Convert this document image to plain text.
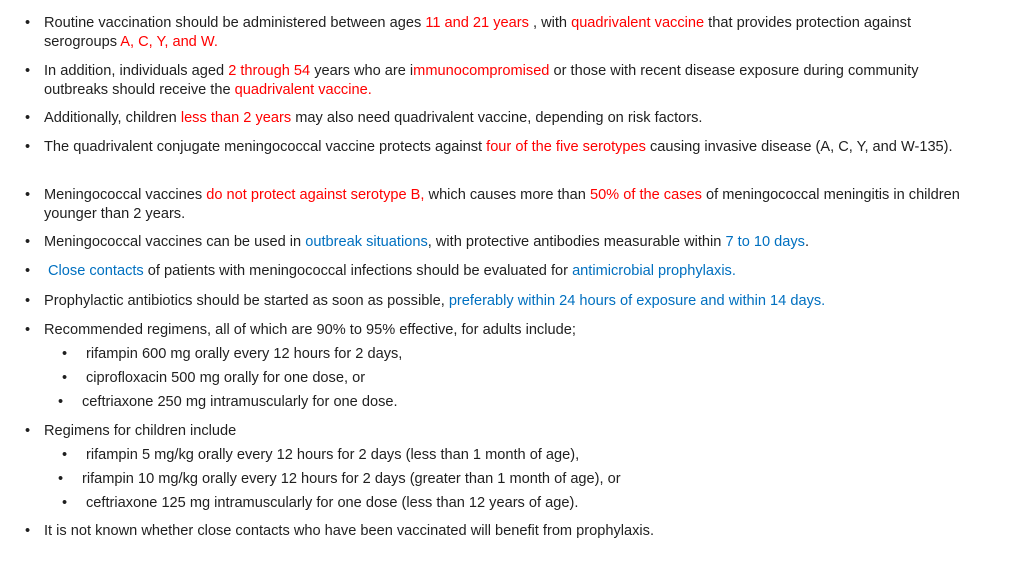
• Routine vaccination should be administered between ages 11 and 21 years , with quadrivalent vaccine that provides protection against serogroups A, C, Y, and W.
• In addition, individuals aged 2 through 54 years who are immunocompromised or those with recent disease exposure during community outbreaks should receive the quadrivalent vaccine.
• Additionally, children less than 2 years may also need quadrivalent vaccine, depending on risk factors.
• The quadrivalent conjugate meningococcal vaccine protects against four of the five serotypes causing invasive disease (A, C, Y, and W-135).
• Meningococcal vaccines do not protect against serotype B, which causes more than 50% of the cases of meningococcal meningitis in children younger than 2 years.
• Meningococcal vaccines can be used in outbreak situations, with protective antibodies measurable within 7 to 10 days.
• Close contacts of patients with meningococcal infections should be evaluated for antimicrobial prophylaxis.
• Prophylactic antibiotics should be started as soon as possible, preferably within 24 hours of exposure and within 14 days.
• Recommended regimens, all of which are 90% to 95% effective, for adults include;
• rifampin 600 mg orally every 12 hours for 2 days,
• ciprofloxacin 500 mg orally for one dose, or
• ceftriaxone 250 mg intramuscularly for one dose.
• Regimens for children include
• rifampin 5 mg/kg orally every 12 hours for 2 days (less than 1 month of age),
• rifampin 10 mg/kg orally every 12 hours for 2 days (greater than 1 month of age), or
• ceftriaxone 125 mg intramuscularly for one dose (less than 12 years of age).
• It is not known whether close contacts who have been vaccinated will benefit from prophylaxis.
